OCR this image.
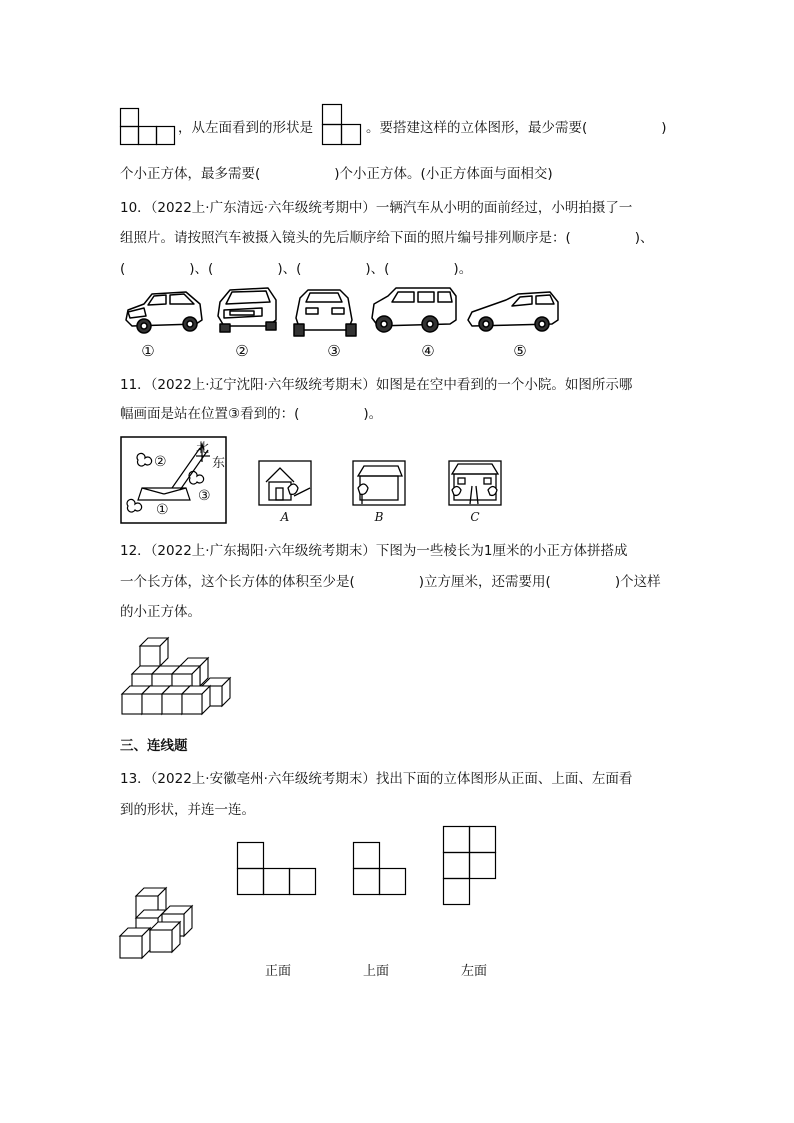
，从左面看到的形状是	。要搭建这样的立体图形，最少需要(	)
个小正方体，最多需要(	)个小正方体。(小正方体面与面相交)
10．（2022上·广东清远·六年级统考期中）一辆汽车从小明的面前经过，小明拍摄了一
组照片。请按照汽车被摄入镜头的先后顺序给下面的照片编号排列顺序是：(	)、
(	)、(	)、(	)、(	)。
①	②	③	④	⑤
11．（2022上·辽宁沈阳·六年级统考期末）如图是在空中看到的一个小院。如图所示哪
幅画面是站在位置③看到的：(	)。
北
东
②
③
①	A	B	C
12．（2022上·广东揭阳·六年级统考期末）下图为一些棱长为1厘米的小正方体拼搭成
一个长方体，这个长方体的体积至少是(	)立方厘米，还需要用(	)个这样
的小正方体。
三、连线题
13．（2022上·安徽亳州·六年级统考期末）找出下面的立体图形从正面、上面、左面看
到的形状，并连一连。
正面	上面	左面
